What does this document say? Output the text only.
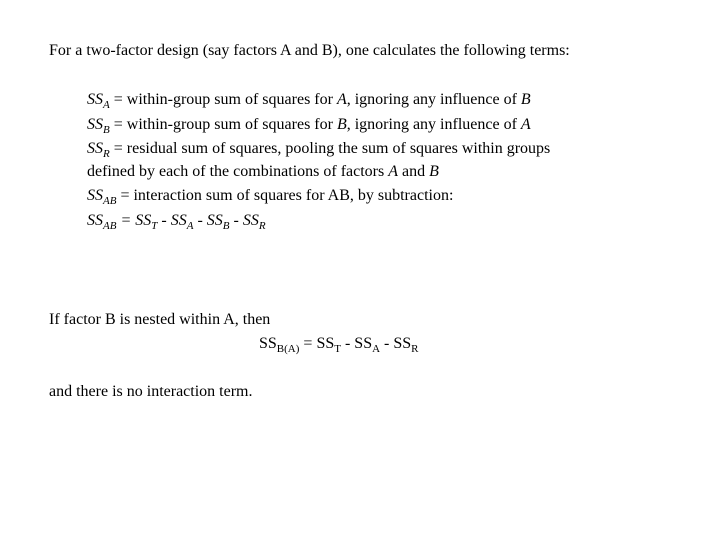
For a two-factor design (say factors A and B), one calculates the following terms:
$SS_A$ = within-group sum of squares for A, ignoring any influence of B
$SS_B$ = within-group sum of squares for B, ignoring any influence of A
$SS_R$ = residual sum of squares, pooling the sum of squares within groups
defined by each of the combinations of factors A and B
$SS_{AB}$ = interaction sum of squares for AB, by subtraction:
$SS_{AB} = SS_T - SS_A - SS_B - SS_R$
If factor B is nested within A, then
$SS_{B(A)} = SS_T - SS_A - SS_R$
and there is no interaction term.
